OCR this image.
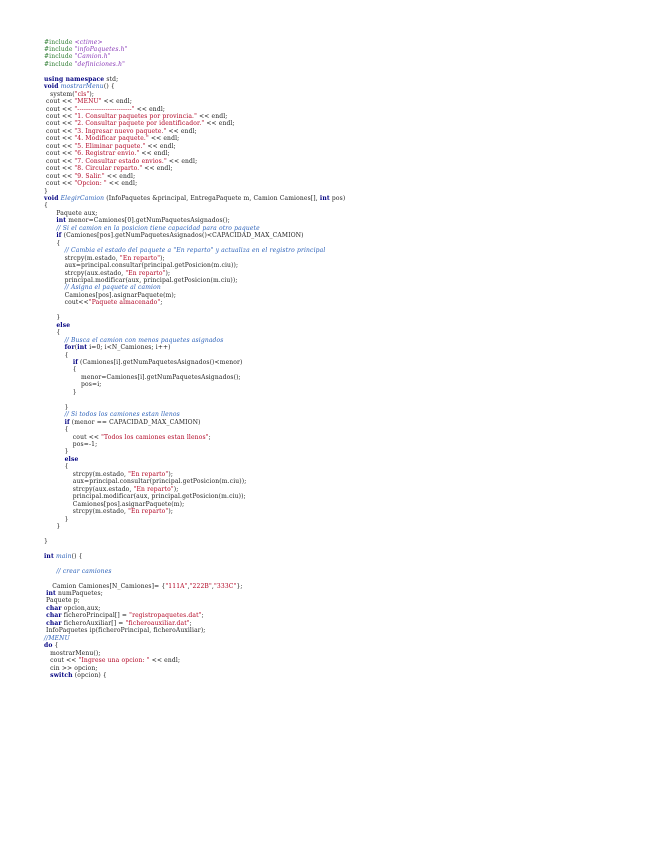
#include <ctime>
#include "infoPaquetes.h"
#include "Camion.h"
#include "definiciones.h"

using namespace std;
void mostrarMenu() {
system("cls");
cout << "MENU" << endl;
cout << "-------------------------" << endl;
cout << "1. Consultar paquetes por provincia." << endl;
cout << "2. Consultar paquete por identificador." << endl;
cout << "3. Ingresar nuevo paquete." << endl;
cout << "4. Modificar paquete." << endl;
cout << "5. Eliminar paquete." << endl;
cout << "6. Registrar envio." << endl;
cout << "7. Consultar estado envios." << endl;
cout << "8. Circular reparto." << endl;
cout << "9. Salir." << endl;
cout << "Opcion: " << endl;
}
void ElegirCamion (InfoPaquetes &principal, EntregaPaquete m, Camion Camiones[], int pos)
{
Paquete aux;
int menor=Camiones[0].getNumPaquetesAsignados();
// Si el camion en la posicion tiene capacidad para otro paquete
if (Camiones[pos].getNumPaquetesAsignados()<CAPACIDAD_MAX_CAMION)
{
// Cambia el estado del paquete a "En reparto" y actualiza en el registro principal
strcpy(m.estado, "En reparto");
aux=principal.consultar(principal.getPosicion(m.ciu));
strcpy(aux.estado, "En reparto");
principal.modificar(aux, principal.getPosicion(m.ciu));
// Asigna el paquete al camion
Camiones[pos].asignarPaquete(m);
cout<<"Paquete almacenado";

}
else
{
// Busca el camion con menos paquetes asignados
for(int i=0; i<N_Camiones; i++)
{
if (Camiones[i].getNumPaquetesAsignados()<menor)
{
menor=Camiones[i].getNumPaquetesAsignados();
pos=i;
}

}
// Si todos los camiones estan llenos
if (menor == CAPACIDAD_MAX_CAMION)
{
cout << "Todos los camiones estan llenos";
pos=-1;
}
else
{
strcpy(m.estado, "En reparto");
aux=principal.consultar(principal.getPosicion(m.ciu));
strcpy(aux.estado, "En reparto");
principal.modificar(aux, principal.getPosicion(m.ciu));
Camiones[pos].asignarPaquete(m);
strcpy(m.estado, "En reparto");
}
}

}

int main() {

// crear camiones

Camion Camiones[N_Camiones]= {"111A","222B","333C"};
int numPaquetes;
Paquete p;
char opcion,aux;
char ficheroPrincipal[] = "registropaquetes.dat";
char ficheroAuxiliar[] = "ficheroauxiliar.dat";
InfoPaquetes ip(ficheroPrincipal, ficheroAuxiliar);
//MENU
do {
mostrarMenu();
cout << "Ingrese una opcion: " << endl;
cin >> opcion;
switch (opcion) {
